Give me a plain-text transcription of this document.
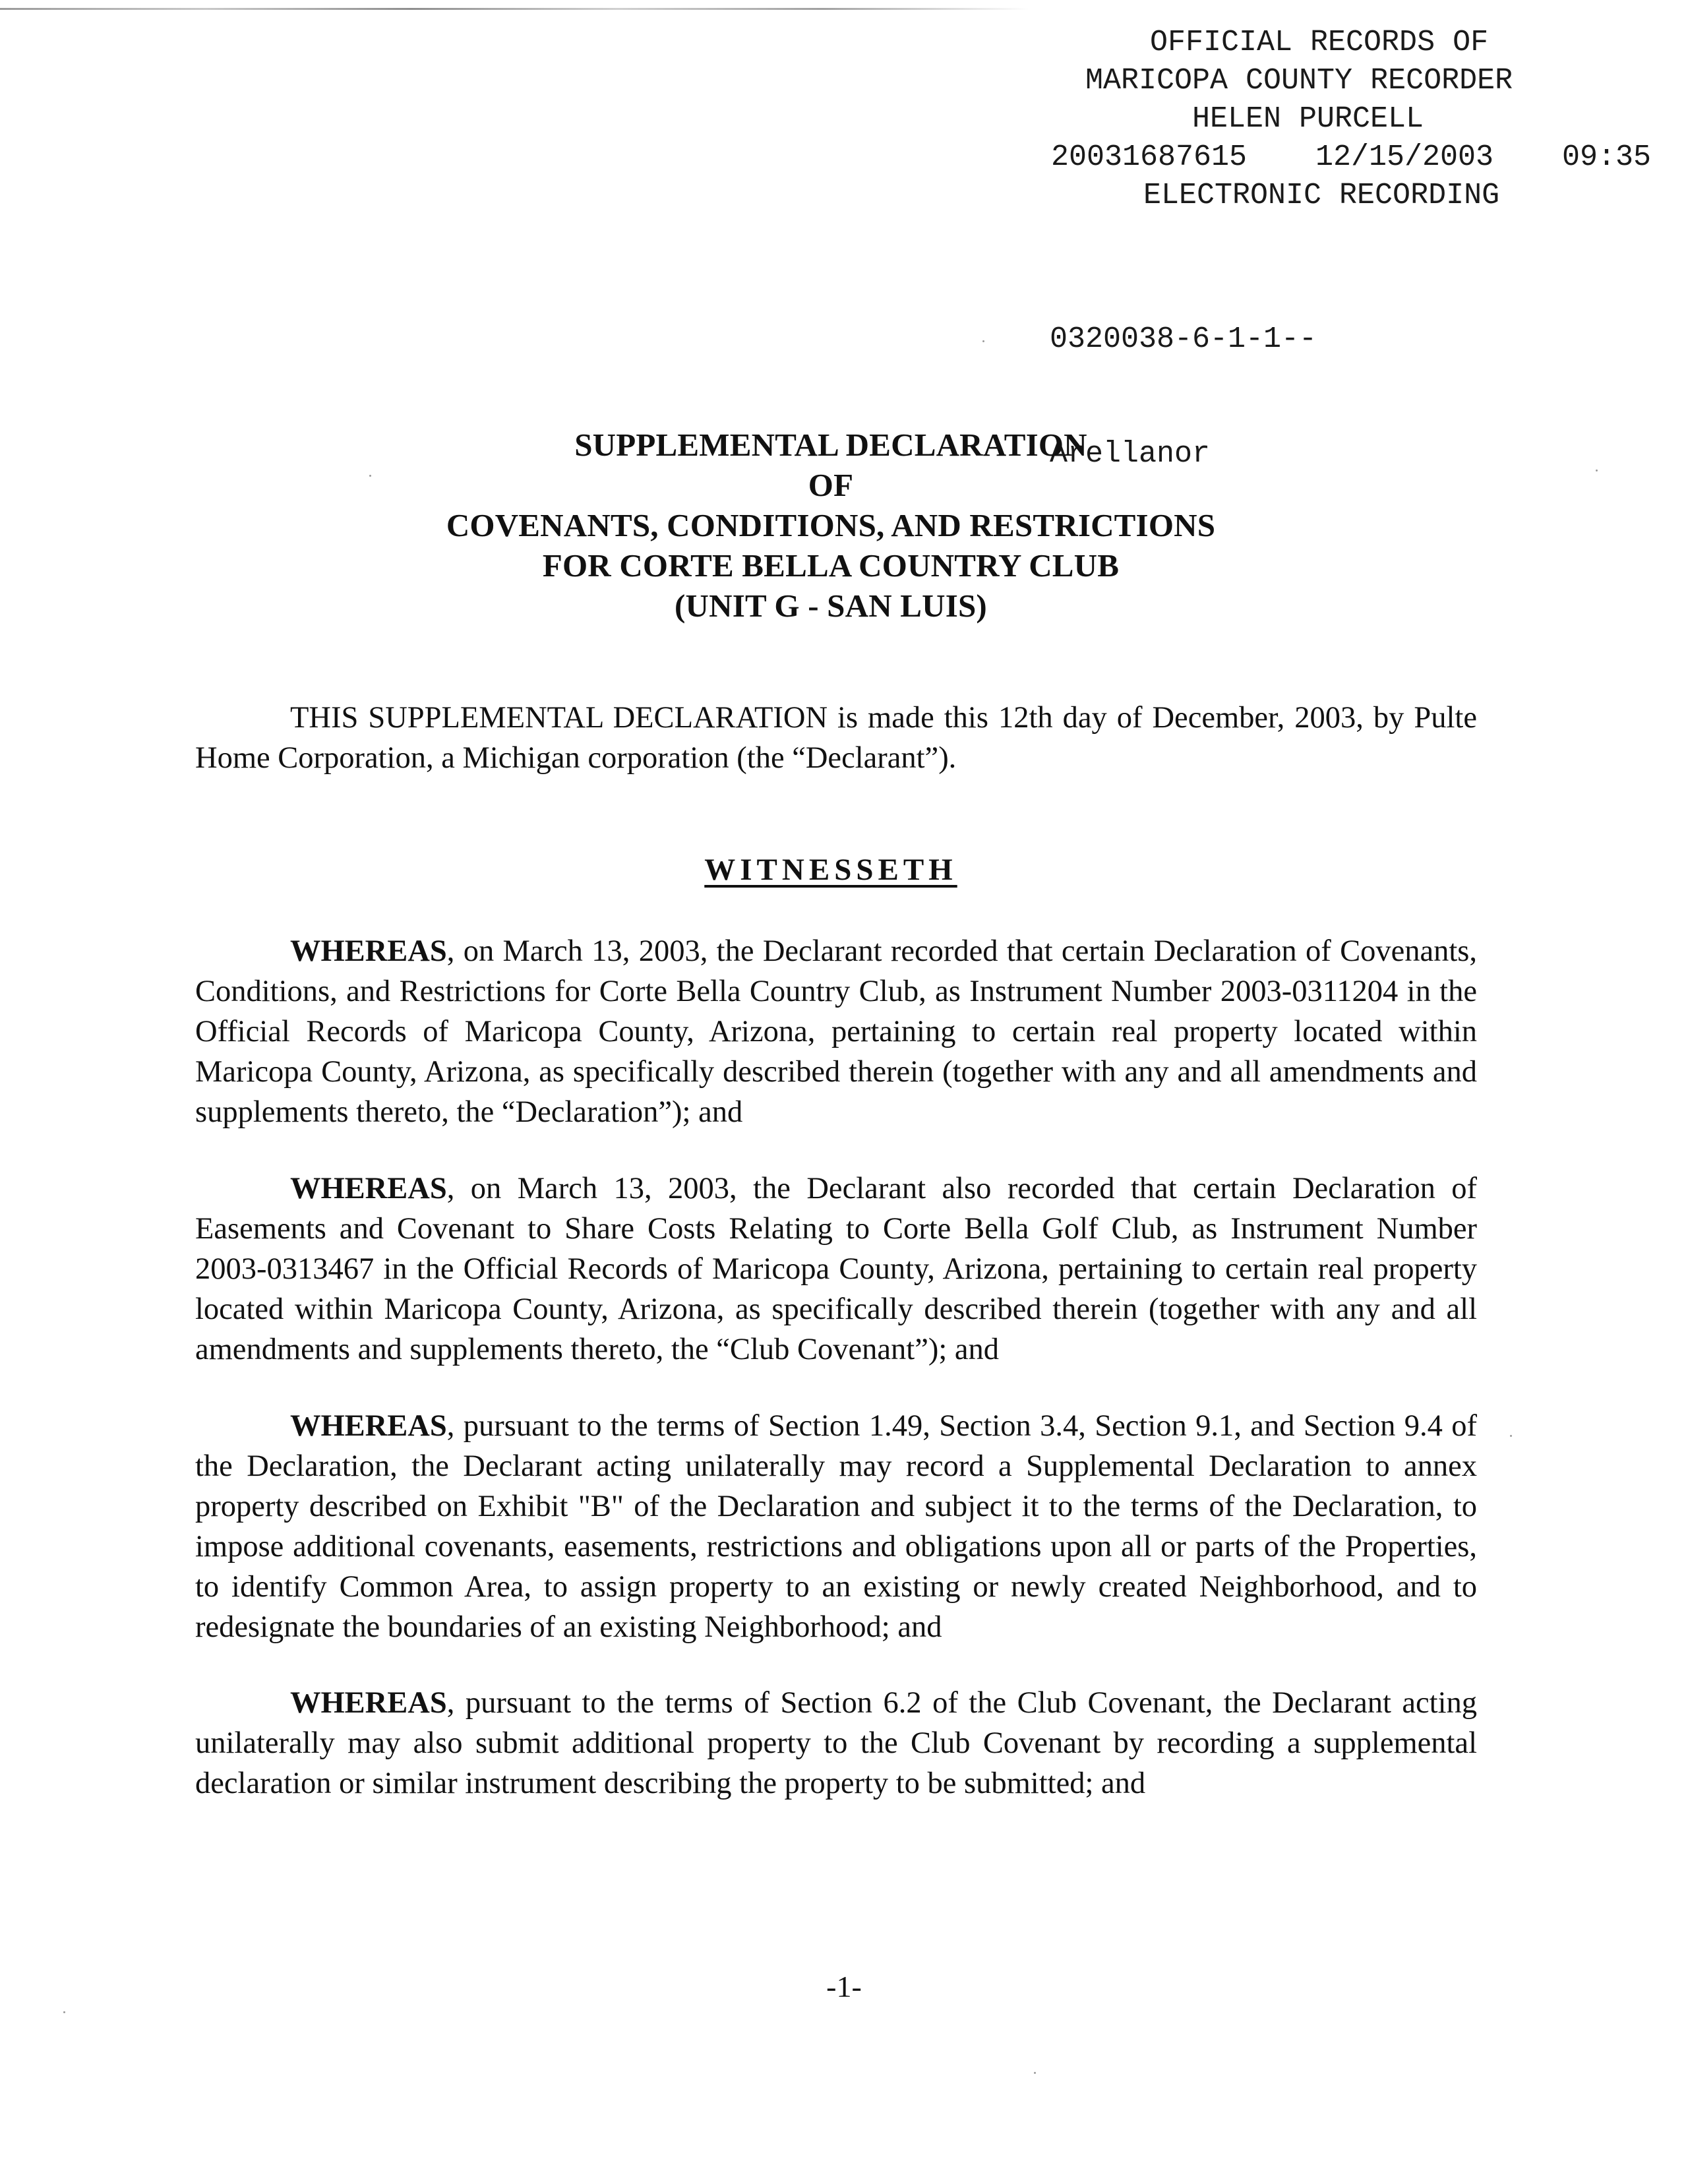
OFFICIAL RECORDS OF
MARICOPA COUNTY RECORDER
HELEN PURCELL
20031687615 12/15/2003 09:35
ELECTRONIC RECORDING

0320038-6-1-1--

Arellanor

SUPPLEMENTAL DECLARATION
OF
COVENANTS, CONDITIONS, AND RESTRICTIONS
FOR CORTE BELLA COUNTRY CLUB
(UNIT G - SAN LUIS)

THIS SUPPLEMENTAL DECLARATION is made this 12th day of December, 2003, by Pulte Home Corporation, a Michigan corporation (the “Declarant”).

WITNESSETH

WHEREAS, on March 13, 2003, the Declarant recorded that certain Declaration of Covenants, Conditions, and Restrictions for Corte Bella Country Club, as Instrument Number 2003-0311204 in the Official Records of Maricopa County, Arizona, pertaining to certain real property located within Maricopa County, Arizona, as specifically described therein (together with any and all amendments and supplements thereto, the “Declaration”); and

WHEREAS, on March 13, 2003, the Declarant also recorded that certain Declaration of Easements and Covenant to Share Costs Relating to Corte Bella Golf Club, as Instrument Number 2003-0313467 in the Official Records of Maricopa County, Arizona, pertaining to certain real property located within Maricopa County, Arizona, as specifically described therein (together with any and all amendments and supplements thereto, the “Club Covenant”); and

WHEREAS, pursuant to the terms of Section 1.49, Section 3.4, Section 9.1, and Section 9.4 of the Declaration, the Declarant acting unilaterally may record a Supplemental Declaration to annex property described on Exhibit "B" of the Declaration and subject it to the terms of the Declaration, to impose additional covenants, easements, restrictions and obligations upon all or parts of the Properties, to identify Common Area, to assign property to an existing or newly created Neighborhood, and to redesignate the boundaries of an existing Neighborhood; and

WHEREAS, pursuant to the terms of Section 6.2 of the Club Covenant, the Declarant acting unilaterally may also submit additional property to the Club Covenant by recording a supplemental declaration or similar instrument describing the property to be submitted; and

-1-
